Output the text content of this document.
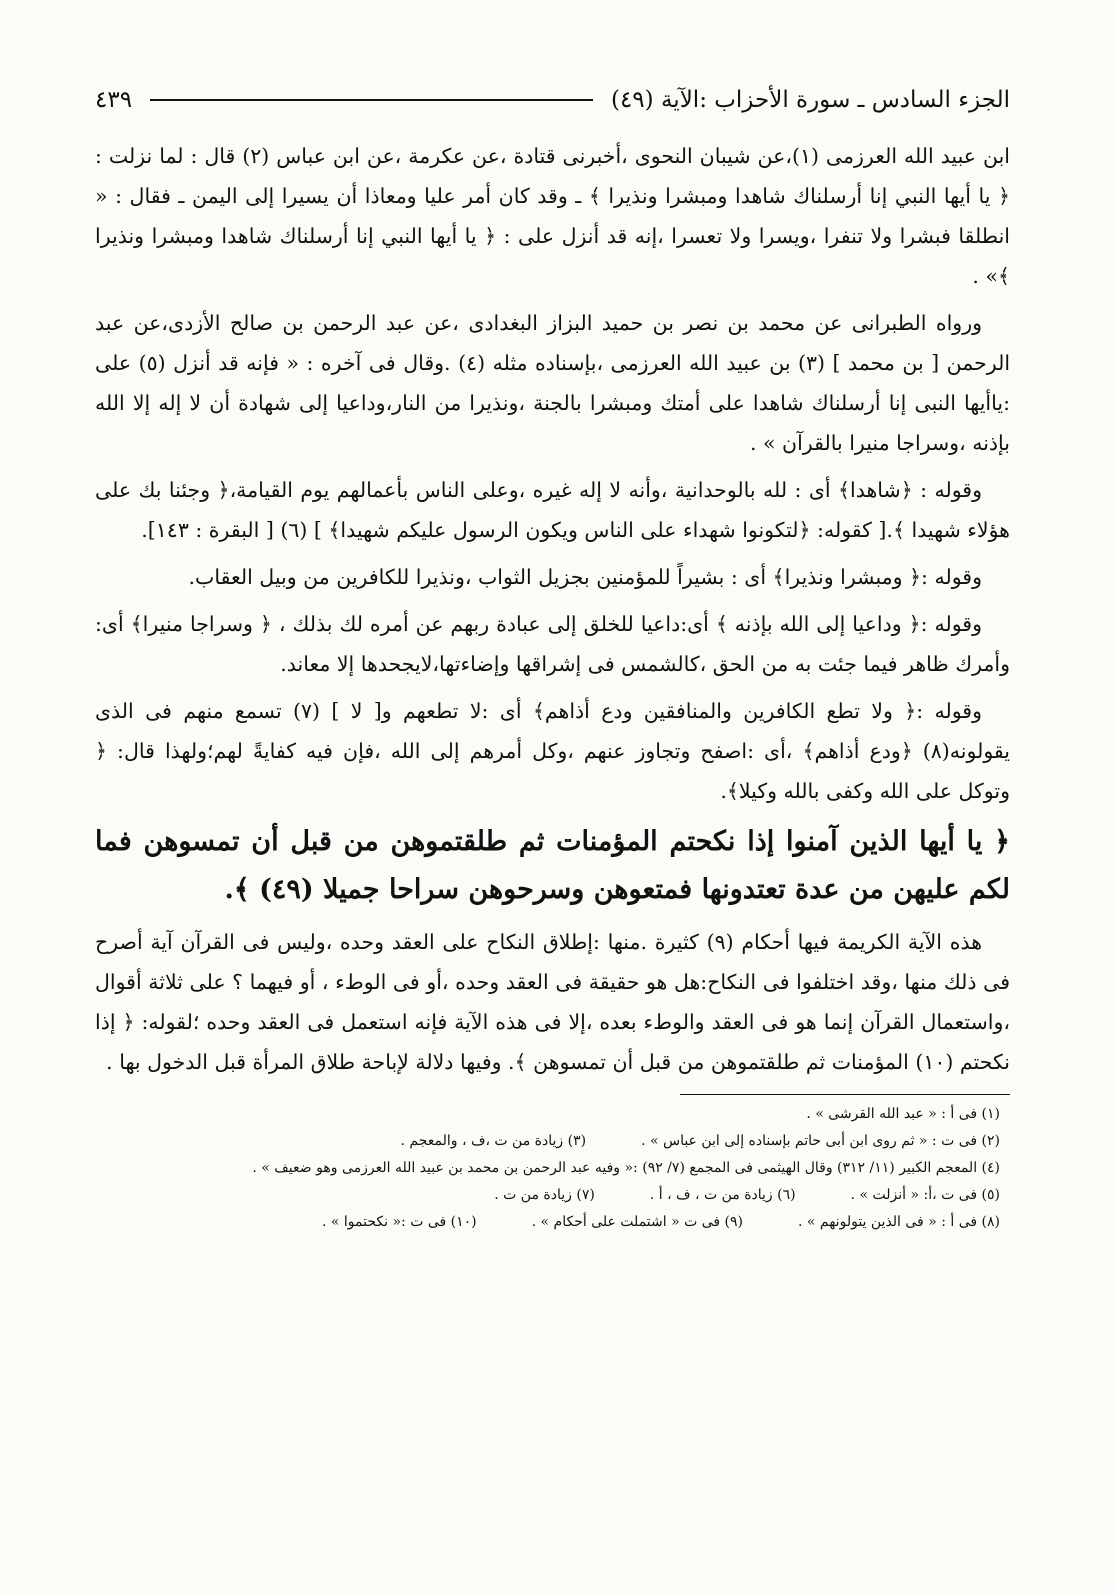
الجزء السادس ـ سورة الأحزاب :الآية (٤٩)
٤٣٩

ابن عبيد الله العرزمى (١)،عن شيبان النحوى ،أخبرنى قتادة ،عن عكرمة ،عن ابن عباس (٢) قال : لما نزلت : ﴿ يا أيها النبي إنا أرسلناك شاهدا ومبشرا ونذيرا ﴾ ـ وقد كان أمر عليا ومعاذا أن يسيرا إلى اليمن ـ فقال : « انطلقا فبشرا ولا تنفرا ،ويسرا ولا تعسرا ،إنه قد أنزل على : ﴿ يا أيها النبي إنا أرسلناك شاهدا ومبشرا ونذيرا ﴾» .

ورواه الطبرانى عن محمد بن نصر بن حميد البزاز البغدادى ،عن عبد الرحمن بن صالح الأزدى،عن عبد الرحمن [ بن محمد ] (٣) بن عبيد الله العرزمى ،بإسناده مثله (٤) .وقال فى آخره : « فإنه قد أنزل (٥) على :ياأيها النبى إنا أرسلناك شاهدا على أمتك ومبشرا بالجنة ،ونذيرا من النار،وداعيا إلى شهادة أن لا إله إلا الله بإذنه ،وسراجا منيرا بالقرآن » .

وقوله : ﴿شاهدا﴾ أى : لله بالوحدانية ،وأنه لا إله غيره ،وعلى الناس بأعمالهم يوم القيامة،﴿ وجئنا بك على هؤلاء شهيدا ﴾.[ كقوله: ﴿لتكونوا شهداء على الناس ويكون الرسول عليكم شهيدا﴾ ] (٦) [ البقرة : ١٤٣].

وقوله :﴿ ومبشرا ونذيرا﴾ أى : بشيراً للمؤمنين بجزيل الثواب ،ونذيرا للكافرين من وبيل العقاب.

وقوله :﴿ وداعيا إلى الله بإذنه ﴾ أى:داعيا للخلق إلى عبادة ربهم عن أمره لك بذلك ، ﴿ وسراجا منيرا﴾ أى: وأمرك ظاهر فيما جئت به من الحق ،كالشمس فى إشراقها وإضاءتها،لايجحدها إلا معاند.

وقوله :﴿ ولا تطع الكافرين والمنافقين ودع أذاهم﴾ أى :لا تطعهم و[ لا ] (٧) تسمع منهم فى الذى يقولونه(٨) ﴿ودع أذاهم﴾ ،أى :اصفح وتجاوز عنهم ،وكل أمرهم إلى الله ،فإن فيه كفايةً لهم؛ولهذا قال: ﴿ وتوكل على الله وكفى بالله وكيلا﴾.

﴿ يا أيها الذين آمنوا إذا نكحتم المؤمنات ثم طلقتموهن من قبل أن تمسوهن فما لكم عليهن من عدة تعتدونها فمتعوهن وسرحوهن سراحا جميلا (٤٩) ﴾.

هذه الآية الكريمة فيها أحكام (٩) كثيرة .منها :إطلاق النكاح على العقد وحده ،وليس فى القرآن آية أصرح فى ذلك منها ،وقد اختلفوا فى النكاح:هل هو حقيقة فى العقد وحده ،أو فى الوطء ، أو فيهما ؟ على ثلاثة أقوال ،واستعمال القرآن إنما هو فى العقد والوطء بعده ،إلا فى هذه الآية فإنه استعمل فى العقد وحده ؛لقوله: ﴿ إذا نكحتم (١٠) المؤمنات ثم طلقتموهن من قبل أن تمسوهن ﴾. وفيها دلالة لإباحة طلاق المرأة قبل الدخول بها .

(١) فى أ : « عبد الله القرشى » .
(٢) فى ت : « ثم روى ابن أبى حاتم بإسناده إلى ابن عباس » .
(٣) زيادة من ت ،ف ، والمعجم .
(٤) المعجم الكبير (١١/ ٣١٢) وقال الهيثمى فى المجمع (٧/ ٩٢) :« وفيه عبد الرحمن بن محمد بن عبيد الله العرزمى وهو ضعيف » .
(٥) فى ت ،أ: « أنزلت » .
(٦) زيادة من ت ، ف ، أ .
(٧) زيادة من ت .
(٨) فى أ : « فى الذين يتولونهم » .
(٩) فى ت « اشتملت على أحكام » .
(١٠) فى ت :« نكحتموا » .
